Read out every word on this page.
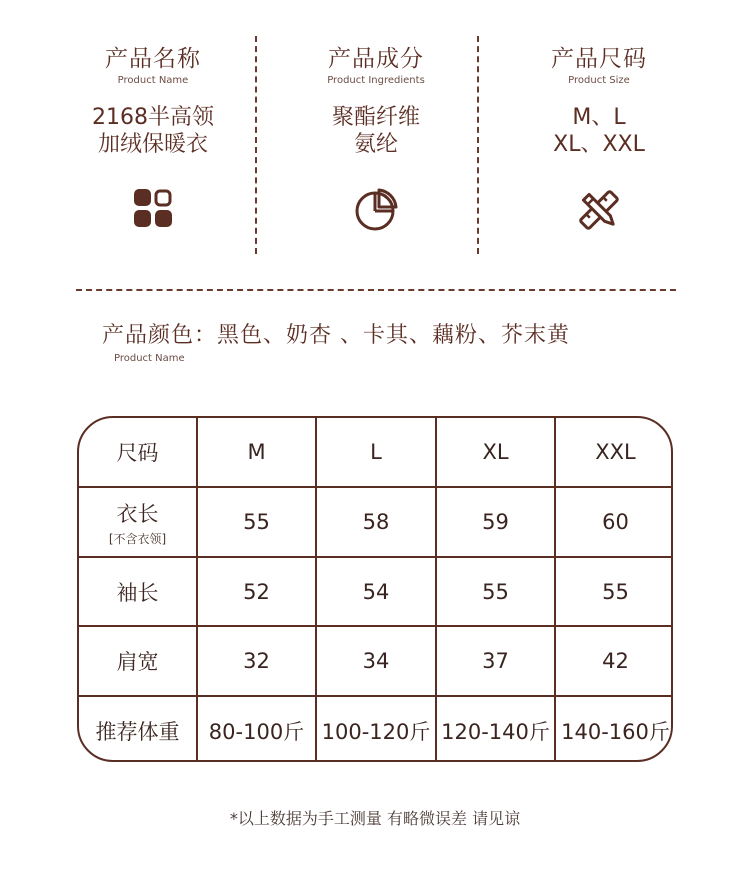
产品名称
Product Name
2168半高领
加绒保暖衣
产品成分
Product Ingredients
聚酯纤维
氨纶
产品尺码
Product Size
M、L
XL、XXL
产品颜色：黑色、奶杏 、卡其、藕粉、芥末黄
Product Name
尺码	M	L	XL	XXL

衣长
[不含衣领]	55	58	59	60
袖长	52	54	55	55
肩宽	32	34	37	42
推荐体重	80-100斤	100-120斤	120-140斤	140-160斤
*以上数据为手工测量 有略微误差 请见谅
